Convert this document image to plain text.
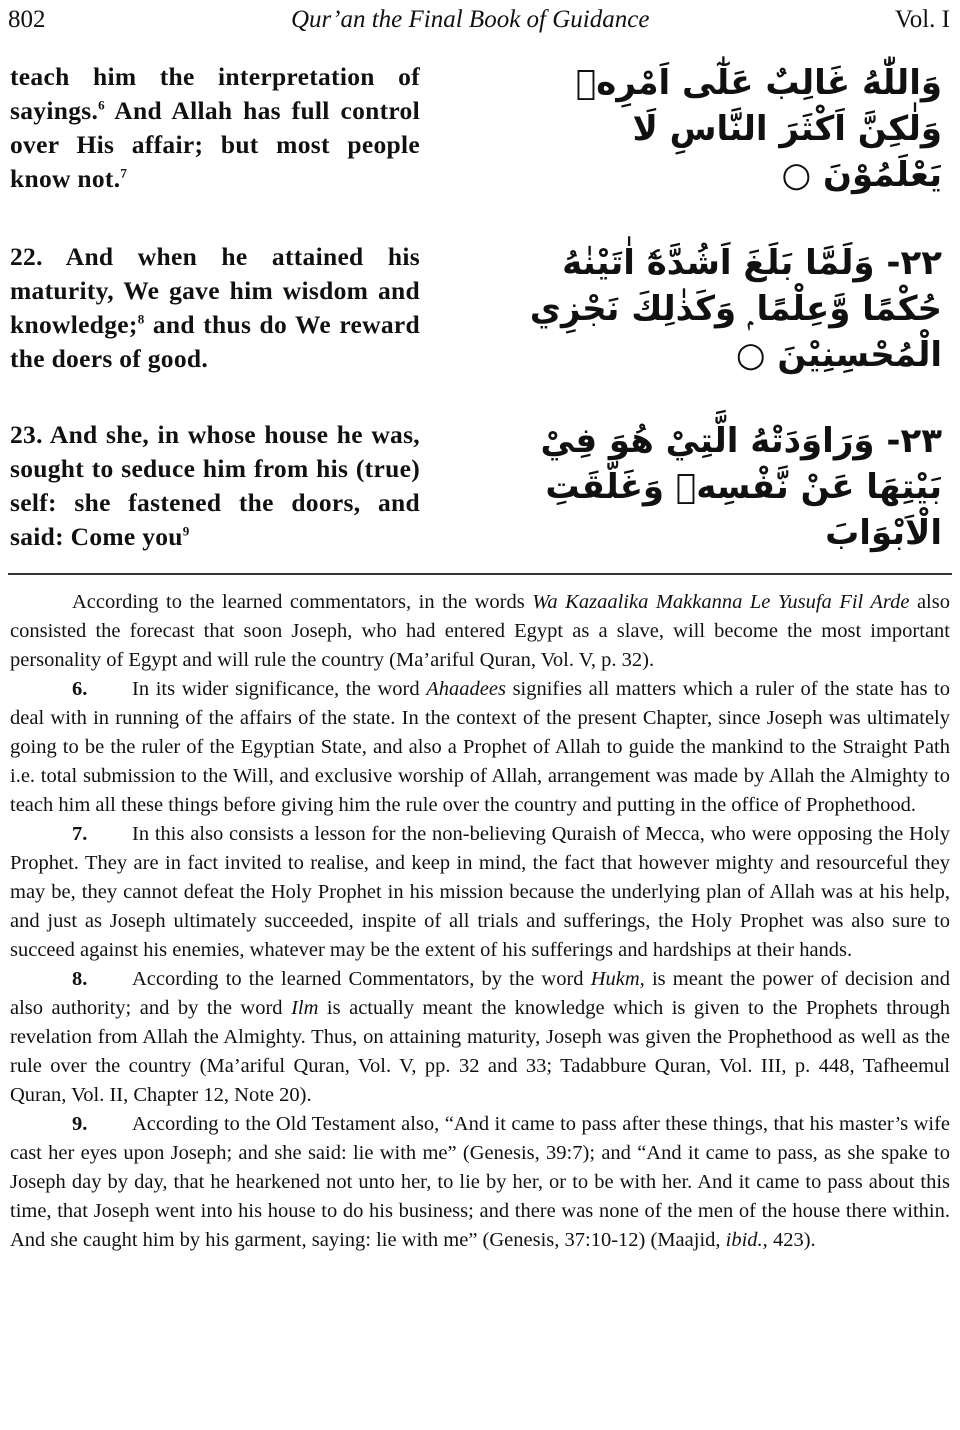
802	Qur’an the Final Book of Guidance	Vol. I
teach him the interpretation of sayings.$^6$ And Allah has full control over His affair; but most people know not.$^7$
وَاللّٰهُ غَالِبٌ عَلٰٓى اَمْرِهٖ وَلٰكِنَّ اَكْثَرَ النَّاسِ لَا يَعْلَمُوْنَ ○
22. And when he attained his maturity, We gave him wisdom and knowledge;$^8$ and thus do We reward the doers of good.
٢٢- وَلَمَّا بَلَغَ اَشُدَّهٗٓ اٰتَيْنٰهُ حُكْمًا وَّعِلْمًا ۭ وَكَذٰلِكَ نَجْزِي الْمُحْسِنِيْنَ ○
23. And she, in whose house he was, sought to seduce him from his (true) self: she fastened the doors, and said: Come you$^9$
٢٣- وَرَاوَدَتْهُ الَّتِيْ هُوَ فِيْ بَيْتِهَا عَنْ نَّفْسِهٖ وَغَلَّقَتِ الْاَبْوَابَ

According to the learned commentators, in the words Wa Kazaalika Makkanna Le Yusufa Fil Arde also consisted the forecast that soon Joseph, who had entered Egypt as a slave, will become the most important personality of Egypt and will rule the country (Ma’ariful Quran, Vol. V, p. 32).

6. In its wider significance, the word Ahaadees signifies all matters which a ruler of the state has to deal with in running of the affairs of the state. In the context of the present Chapter, since Joseph was ultimately going to be the ruler of the Egyptian State, and also a Prophet of Allah to guide the mankind to the Straight Path i.e. total submission to the Will, and exclusive worship of Allah, arrangement was made by Allah the Almighty to teach him all these things before giving him the rule over the country and putting in the office of Prophethood.

7. In this also consists a lesson for the non-believing Quraish of Mecca, who were opposing the Holy Prophet. They are in fact invited to realise, and keep in mind, the fact that however mighty and resourceful they may be, they cannot defeat the Holy Prophet in his mission because the underlying plan of Allah was at his help, and just as Joseph ultimately succeeded, inspite of all trials and sufferings, the Holy Prophet was also sure to succeed against his enemies, whatever may be the extent of his sufferings and hardships at their hands.

8. According to the learned Commentators, by the word Hukm, is meant the power of decision and also authority; and by the word Ilm is actually meant the knowledge which is given to the Prophets through revelation from Allah the Almighty. Thus, on attaining maturity, Joseph was given the Prophethood as well as the rule over the country (Ma’ariful Quran, Vol. V, pp. 32 and 33; Tadabbure Quran, Vol. III, p. 448, Tafheemul Quran, Vol. II, Chapter 12, Note 20).

9. According to the Old Testament also, “And it came to pass after these things, that his master’s wife cast her eyes upon Joseph; and she said: lie with me” (Genesis, 39:7); and “And it came to pass, as she spake to Joseph day by day, that he hearkened not unto her, to lie by her, or to be with her. And it came to pass about this time, that Joseph went into his house to do his business; and there was none of the men of the house there within. And she caught him by his garment, saying: lie with me” (Genesis, 37:10-12) (Maajid, ibid., 423).
